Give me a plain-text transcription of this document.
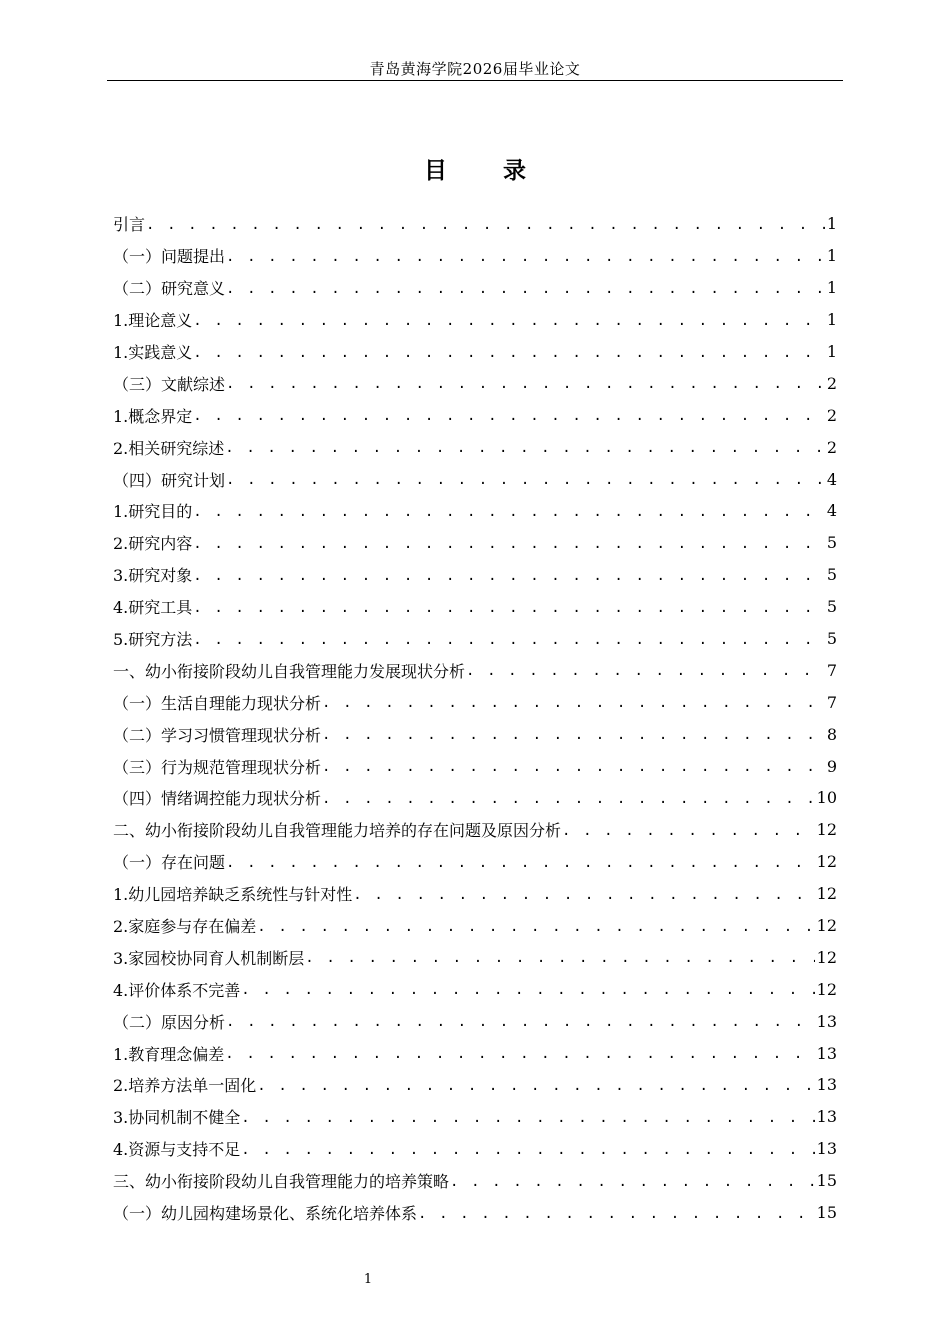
青岛黄海学院2026届毕业论文
目 录
引言 . . .	1
（一）问题提出 . . .	1
（二）研究意义 . . .	1
1.理论意义 . . .	1
1.实践意义 . . .	1
（三）文献综述 . . .	2
1.概念界定 . . .	2
2.相关研究综述 . . .	2
（四）研究计划 . . .	4
1.研究目的 . . .	4
2.研究内容 . . .	5
3.研究对象 . . .	5
4.研究工具 . . .	5
5.研究方法 . . .	5
一、幼小衔接阶段幼儿自我管理能力发展现状分析 . . .	7
（一）生活自理能力现状分析 . . .	7
（二）学习习惯管理现状分析 . . .	8
（三）行为规范管理现状分析 . . .	9
（四）情绪调控能力现状分析 . . .	10
二、幼小衔接阶段幼儿自我管理能力培养的存在问题及原因分析 . . .	12
（一）存在问题 . . .	12
1.幼儿园培养缺乏系统性与针对性 . . .	12
2.家庭参与存在偏差 . . .	12
3.家园校协同育人机制断层 . . .	12
4.评价体系不完善 . . .	12
（二）原因分析 . . .	13
1.教育理念偏差 . . .	13
2.培养方法单一固化 . . .	13
3.协同机制不健全 . . .	13
4.资源与支持不足 . . .	13
三、幼小衔接阶段幼儿自我管理能力的培养策略 . . .	15
（一）幼儿园构建场景化、系统化培养体系 . . .	15
1
